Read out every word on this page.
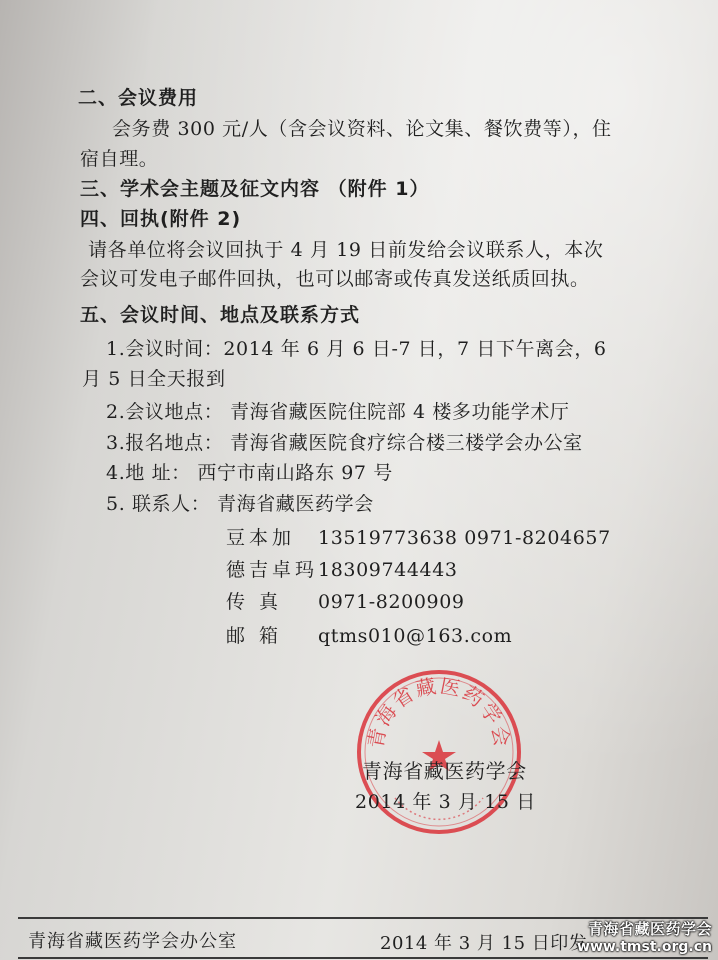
二、会议费用
会务费 300 元/人（含会议资料、论文集、餐饮费等），住
宿自理。
三、学术会主题及征文内容 （附件 1）
四、回执(附件 2)
请各单位将会议回执于 4 月 19 日前发给会议联系人，本次
会议可发电子邮件回执，也可以邮寄或传真发送纸质回执。
五、会议时间、地点及联系方式
1.会议时间：2014 年 6 月 6 日-7 日，7 日下午离会，6
月 5 日全天报到
2.会议地点： 青海省藏医院住院部 4 楼多功能学术厅
3.报名地点： 青海省藏医院食疗综合楼三楼学会办公室
4.地 址： 西宁市南山路东 97 号
5. 联系人： 青海省藏医药学会
豆本加 13519773638 0971-8204657
德吉卓玛18309744443
传 真 0971-8200909
邮 箱 qtms010@163.com
青海省藏医药学会
青海省藏医药学会
2014 年 3 月 15 日
青海省藏医药学会办公室	2014 年 3 月 15 日印发
青海省藏医药学会
www.tmst.org.cn
